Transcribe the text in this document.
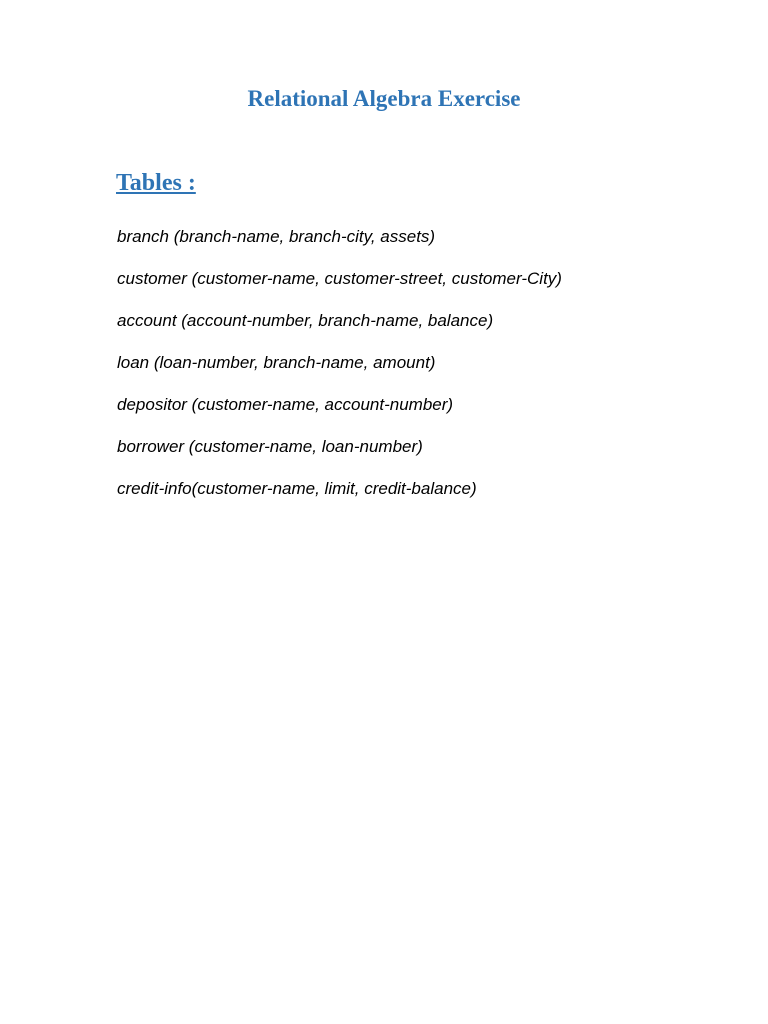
Relational Algebra Exercise
Tables :
branch (branch-name, branch-city, assets)
customer (customer-name, customer-street, customer-City)
account (account-number, branch-name, balance)
loan (loan-number, branch-name, amount)
depositor (customer-name, account-number)
borrower (customer-name, loan-number)
credit-info(customer-name, limit, credit-balance)
